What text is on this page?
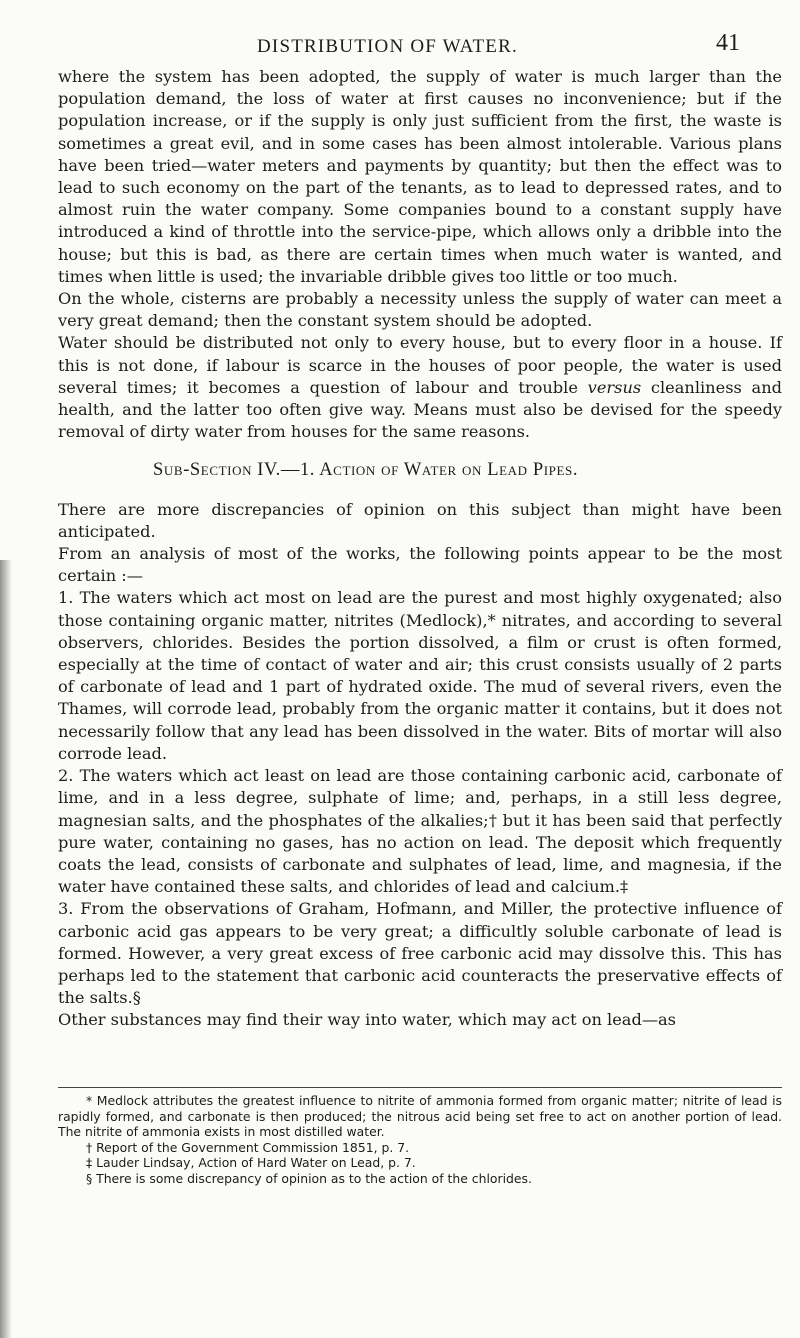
DISTRIBUTION OF WATER.	41

where the system has been adopted, the supply of water is much larger than the population demand, the loss of water at first causes no inconvenience; but if the population increase, or if the supply is only just sufficient from the first, the waste is sometimes a great evil, and in some cases has been almost intolerable. Various plans have been tried—water meters and payments by quantity; but then the effect was to lead to such economy on the part of the tenants, as to lead to depressed rates, and to almost ruin the water company. Some companies bound to a constant supply have introduced a kind of throttle into the service-pipe, which allows only a dribble into the house; but this is bad, as there are certain times when much water is wanted, and times when little is used; the invariable dribble gives too little or too much.

On the whole, cisterns are probably a necessity unless the supply of water can meet a very great demand; then the constant system should be adopted.

Water should be distributed not only to every house, but to every floor in a house. If this is not done, if labour is scarce in the houses of poor people, the water is used several times; it becomes a question of labour and trouble versus cleanliness and health, and the latter too often give way. Means must also be devised for the speedy removal of dirty water from houses for the same reasons.

Sub-Section IV.—1. Action of Water on Lead Pipes.

There are more discrepancies of opinion on this subject than might have been anticipated.

From an analysis of most of the works, the following points appear to be the most certain :—

1. The waters which act most on lead are the purest and most highly oxygenated; also those containing organic matter, nitrites (Medlock),* nitrates, and according to several observers, chlorides. Besides the portion dissolved, a film or crust is often formed, especially at the time of contact of water and air; this crust consists usually of 2 parts of carbonate of lead and 1 part of hydrated oxide. The mud of several rivers, even the Thames, will corrode lead, probably from the organic matter it contains, but it does not necessarily follow that any lead has been dissolved in the water. Bits of mortar will also corrode lead.

2. The waters which act least on lead are those containing carbonic acid, carbonate of lime, and in a less degree, sulphate of lime; and, perhaps, in a still less degree, magnesian salts, and the phosphates of the alkalies;† but it has been said that perfectly pure water, containing no gases, has no action on lead. The deposit which frequently coats the lead, consists of carbonate and sulphates of lead, lime, and magnesia, if the water have contained these salts, and chlorides of lead and calcium.‡

3. From the observations of Graham, Hofmann, and Miller, the protective influence of carbonic acid gas appears to be very great; a difficultly soluble carbonate of lead is formed. However, a very great excess of free carbonic acid may dissolve this. This has perhaps led to the statement that carbonic acid counteracts the preservative effects of the salts.§

Other substances may find their way into water, which may act on lead—as

* Medlock attributes the greatest influence to nitrite of ammonia formed from organic matter; nitrite of lead is rapidly formed, and carbonate is then produced; the nitrous acid being set free to act on another portion of lead. The nitrite of ammonia exists in most distilled water.

† Report of the Government Commission 1851, p. 7.

‡ Lauder Lindsay, Action of Hard Water on Lead, p. 7.

§ There is some discrepancy of opinion as to the action of the chlorides.
